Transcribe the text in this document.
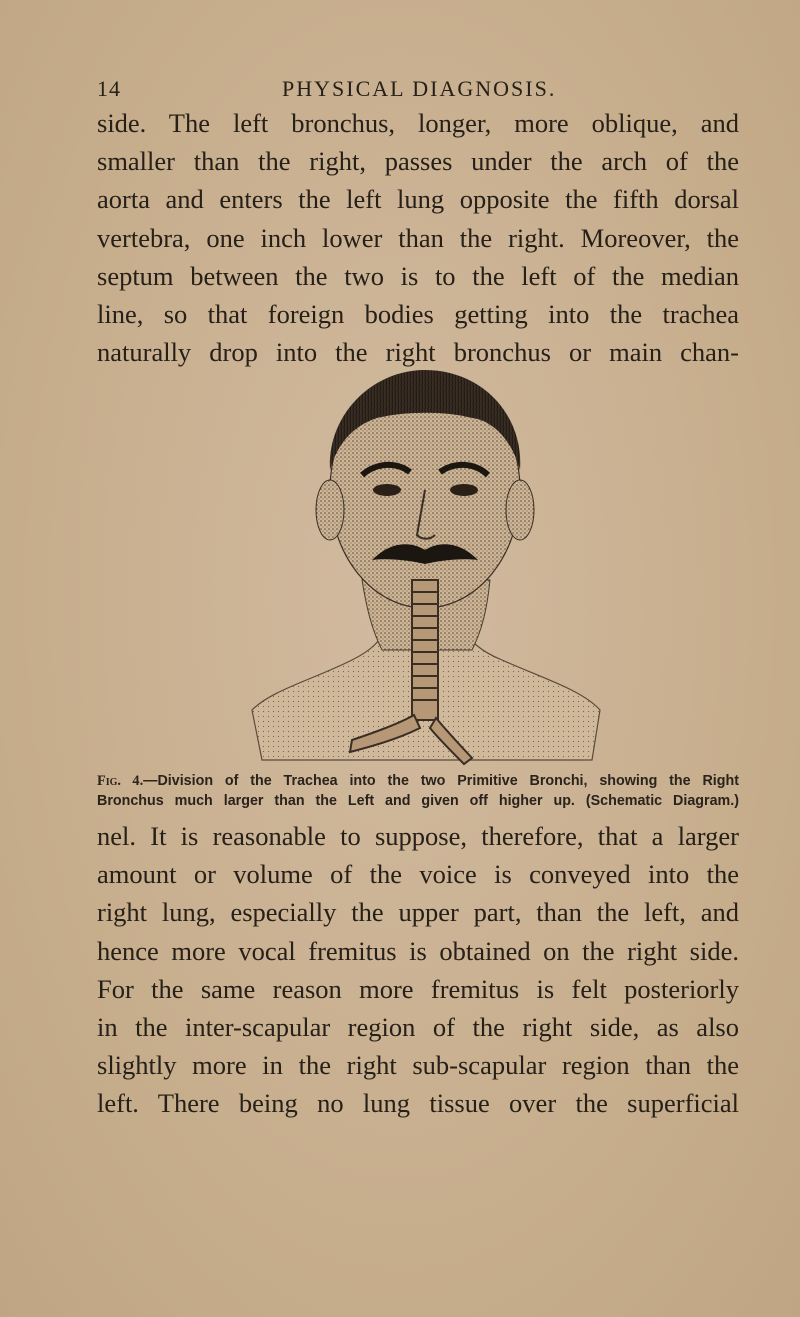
14	PHYSICAL DIAGNOSIS.
side. The left bronchus, longer, more oblique, and
smaller than the right, passes under the arch of the
aorta and enters the left lung opposite the fifth dorsal
vertebra, one inch lower than the right. Moreover, the
septum between the two is to the left of the median
line, so that foreign bodies getting into the trachea
naturally drop into the right bronchus or main chan-
Fig. 4.—Division of the Trachea into the two Primitive Bronchi, showing the Right
Bronchus much larger than the Left and given off higher up. (Schematic Diagram.)
nel. It is reasonable to suppose, therefore, that a larger
amount or volume of the voice is conveyed into the
right lung, especially the upper part, than the left, and
hence more vocal fremitus is obtained on the right side.
For the same reason more fremitus is felt posteriorly
in the inter-scapular region of the right side, as also
slightly more in the right sub-scapular region than the
left. There being no lung tissue over the superficial
